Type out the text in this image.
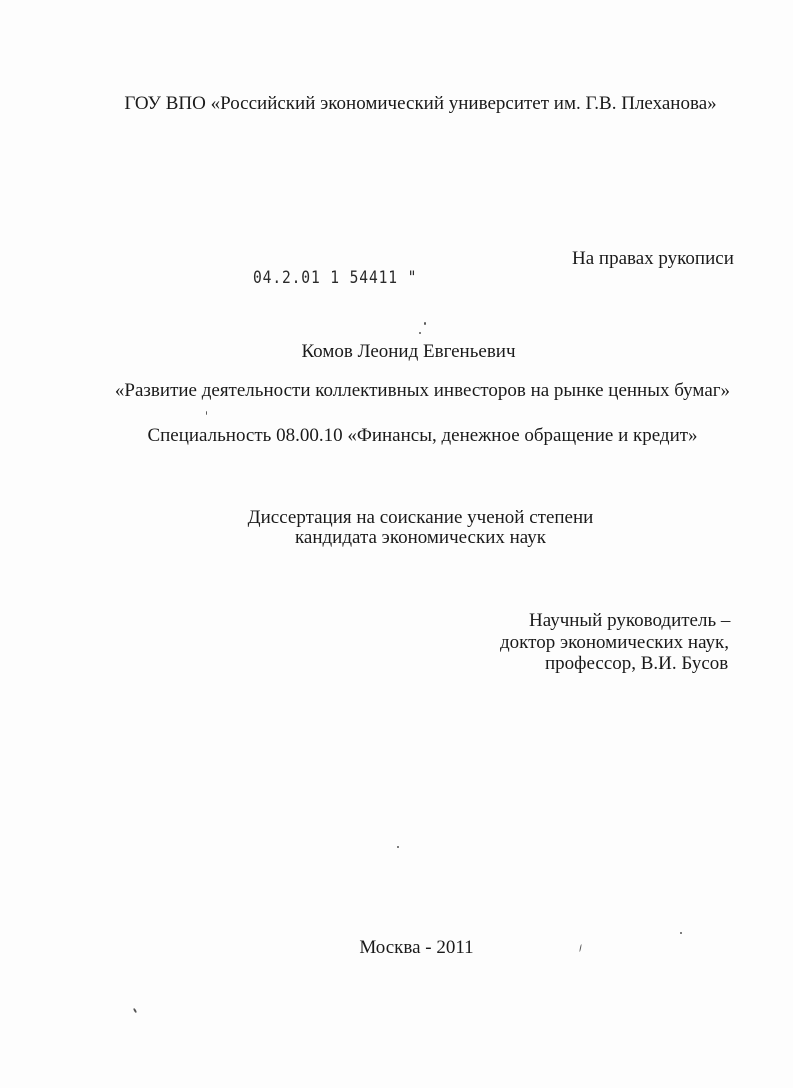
ГОУ ВПО «Российский экономический университет им. Г.В. Плеханова»
На правах рукописи
04.2.01 1 54411 "
Комов Леонид Евгеньевич
«Развитие деятельности коллективных инвесторов на рынке ценных бумаг»
Специальность 08.00.10 «Финансы, денежное обращение и кредит»
Диссертация на соискание ученой степени
кандидата экономических наук
Научный руководитель –
доктор экономических наук,
профессор, В.И. Бусов
Москва - 2011
